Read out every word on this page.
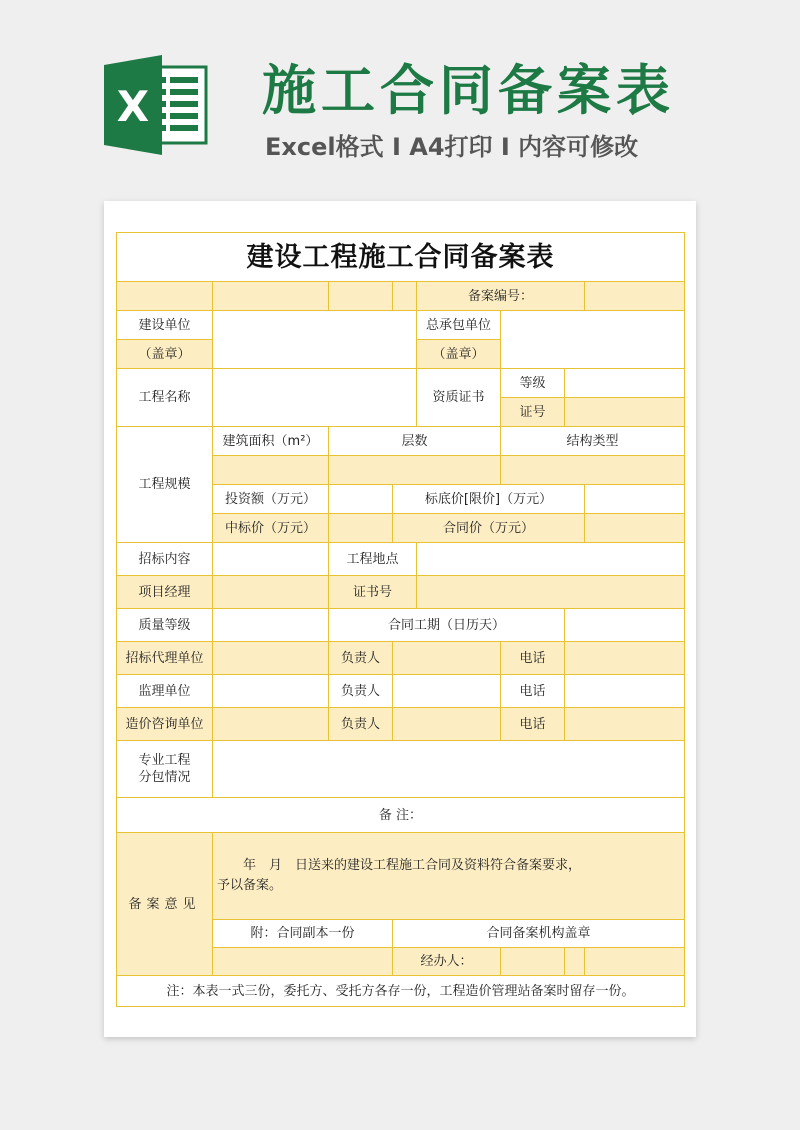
X 施工合同备案表
Excel格式 I A4打印 I 内容可修改
建设工程施工合同备案表							
				备案编号：			
建设单位				总承包单位			
（盖章）				（盖章）			
工程名称				资质证书	等级		
					证号		
工程规模	建筑面积（m²）	层数			结构类型		

	投资额（万元）		标底价[限价]（万元）				
	中标价（万元）		合同价（万元）				
招标内容		工程地点					
项目经理		证书号					
质量等级		合同工期（日历天）					
招标代理单位		负责人			电话		
监理单位		负责人			电话		
造价咨询单位		负责人			电话		
专业工程
分包情况							
备 注：							
备案意见	年　月　日送来的建设工程施工合同及资料符合备案要求，
予以备案。						

	附：合同副本一份		合同备案机构盖章				
			经办人：				
注：本表一式三份，委托方、受托方各存一份，工程造价管理站备案时留存一份。							
